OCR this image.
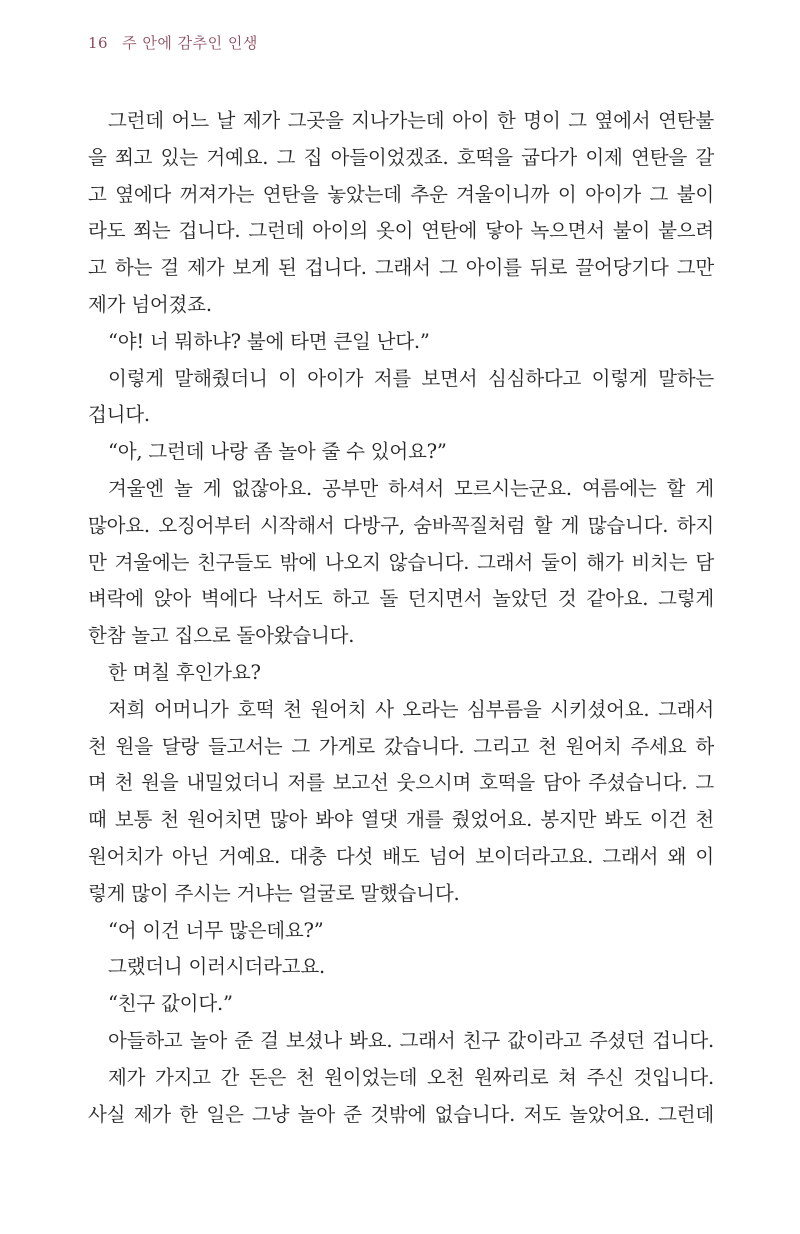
16 주 안에 감추인 인생
그런데 어느 날 제가 그곳을 지나가는데 아이 한 명이 그 옆에서 연탄불
을 쬐고 있는 거예요. 그 집 아들이었겠죠. 호떡을 굽다가 이제 연탄을 갈
고 옆에다 꺼져가는 연탄을 놓았는데 추운 겨울이니까 이 아이가 그 불이
라도 쬐는 겁니다. 그런데 아이의 옷이 연탄에 닿아 녹으면서 불이 붙으려
고 하는 걸 제가 보게 된 겁니다. 그래서 그 아이를 뒤로 끌어당기다 그만
제가 넘어졌죠.
“야! 너 뭐하냐? 불에 타면 큰일 난다.”
이렇게 말해줬더니 이 아이가 저를 보면서 심심하다고 이렇게 말하는
겁니다.
“아, 그런데 나랑 좀 놀아 줄 수 있어요?”
겨울엔 놀 게 없잖아요. 공부만 하셔서 모르시는군요. 여름에는 할 게
많아요. 오징어부터 시작해서 다방구, 숨바꼭질처럼 할 게 많습니다. 하지
만 겨울에는 친구들도 밖에 나오지 않습니다. 그래서 둘이 해가 비치는 담
벼락에 앉아 벽에다 낙서도 하고 돌 던지면서 놀았던 것 같아요. 그렇게
한참 놀고 집으로 돌아왔습니다.
한 며칠 후인가요?
저희 어머니가 호떡 천 원어치 사 오라는 심부름을 시키셨어요. 그래서
천 원을 달랑 들고서는 그 가게로 갔습니다. 그리고 천 원어치 주세요 하
며 천 원을 내밀었더니 저를 보고선 웃으시며 호떡을 담아 주셨습니다. 그
때 보통 천 원어치면 많아 봐야 열댓 개를 줬었어요. 봉지만 봐도 이건 천
원어치가 아닌 거예요. 대충 다섯 배도 넘어 보이더라고요. 그래서 왜 이
렇게 많이 주시는 거냐는 얼굴로 말했습니다.
“어 이건 너무 많은데요?”
그랬더니 이러시더라고요.
“친구 값이다.”
아들하고 놀아 준 걸 보셨나 봐요. 그래서 친구 값이라고 주셨던 겁니다.
제가 가지고 간 돈은 천 원이었는데 오천 원짜리로 쳐 주신 것입니다.
사실 제가 한 일은 그냥 놀아 준 것밖에 없습니다. 저도 놀았어요. 그런데
